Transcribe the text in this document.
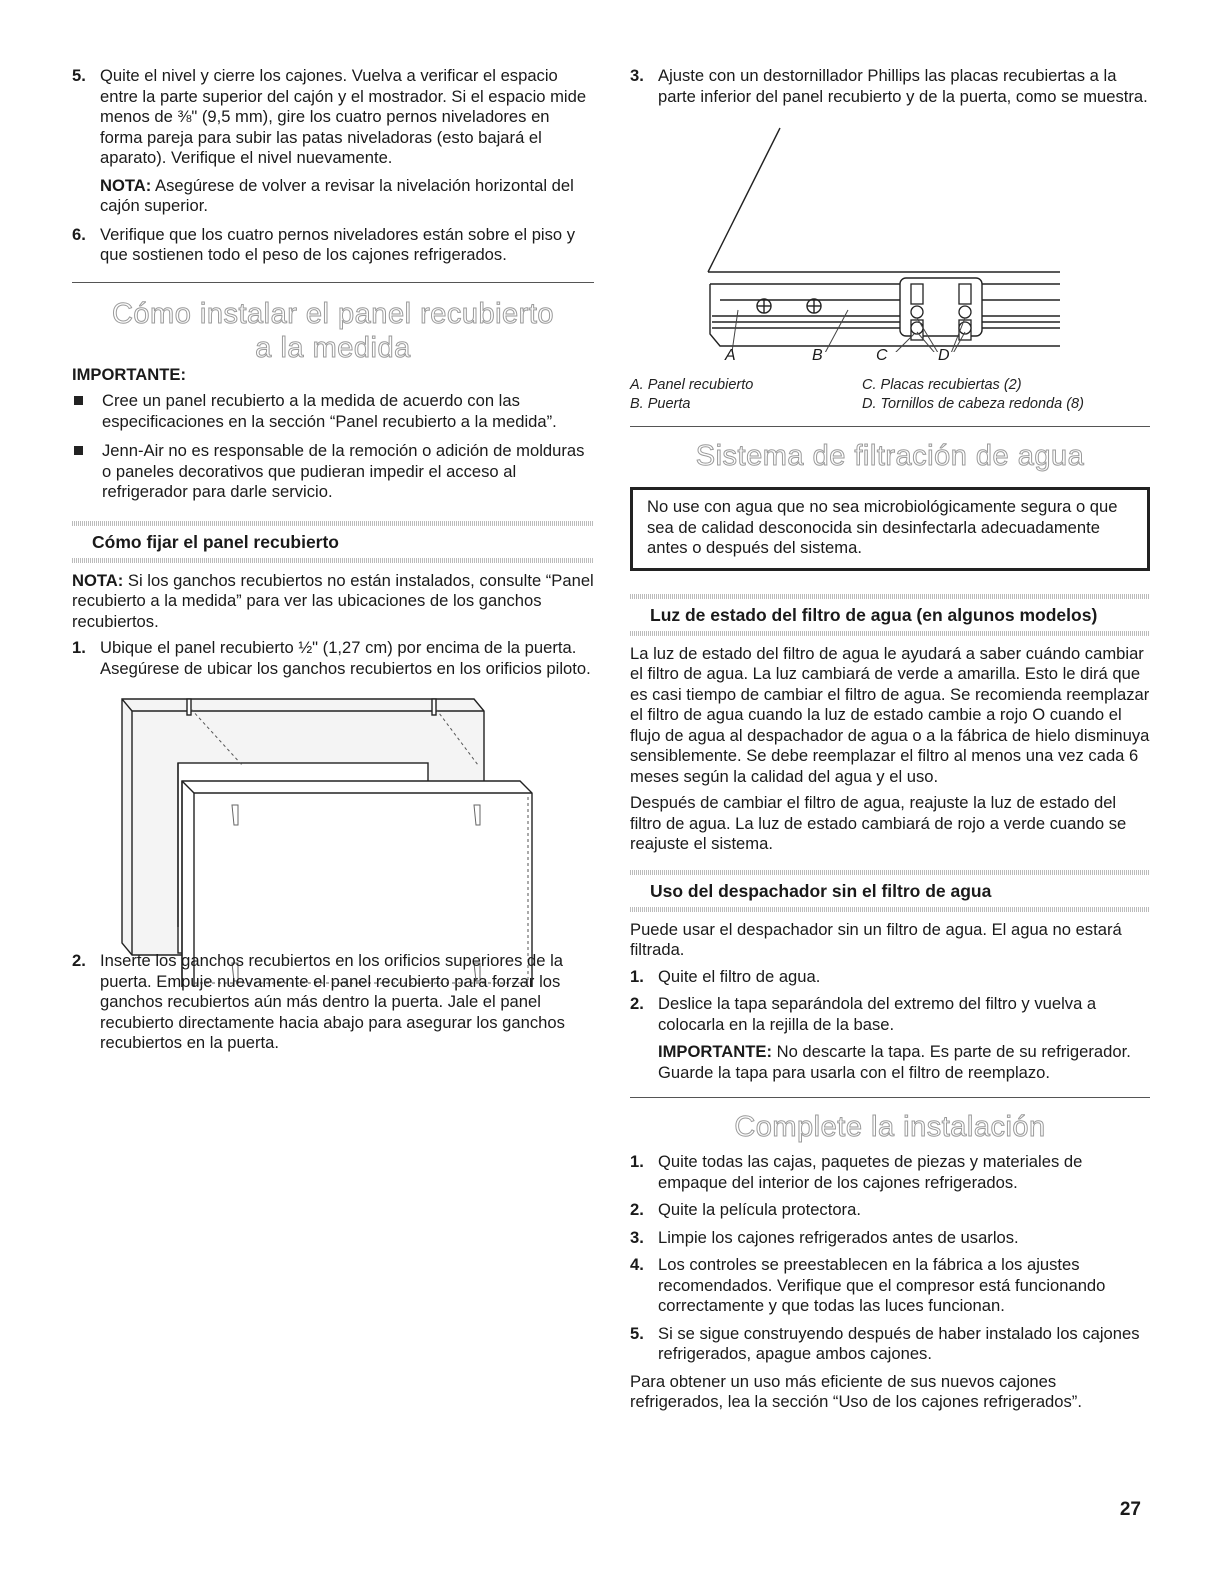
5. Quite el nivel y cierre los cajones. Vuelva a verificar el espacio entre la parte superior del cajón y el mostrador. Si el espacio mide menos de ⅜" (9,5 mm), gire los cuatro pernos niveladores en forma pareja para subir las patas niveladoras (esto bajará el aparato). Verifique el nivel nuevamente.

NOTA: Asegúrese de volver a revisar la nivelación horizontal del cajón superior.

6. Verifique que los cuatro pernos niveladores están sobre el piso y que sostienen todo el peso de los cajones refrigerados.
Cómo instalar el panel recubierto
a la medida

IMPORTANTE:

Cree un panel recubierto a la medida de acuerdo con las especificaciones en la sección “Panel recubierto a la medida”.
Jenn-Air no es responsable de la remoción o adición de molduras o paneles decorativos que pudieran impedir el acceso al refrigerador para darle servicio.
Cómo fijar el panel recubierto

NOTA: Si los ganchos recubiertos no están instalados, consulte “Panel recubierto a la medida” para ver las ubicaciones de los ganchos recubiertos.

1. Ubique el panel recubierto ½" (1,27 cm) por encima de la puerta. Asegúrese de ubicar los ganchos recubiertos en los orificios piloto.
2. Inserte los ganchos recubiertos en los orificios superiores de la puerta. Empuje nuevamente el panel recubierto para forzar los ganchos recubiertos aún más dentro la puerta. Jale el panel recubierto directamente hacia abajo para asegurar los ganchos recubiertos en la puerta.
3. Ajuste con un destornillador Phillips las placas recubiertas a la parte inferior del panel recubierto y de la puerta, como se muestra.
A	B	C	D
A. Panel recubierto
B. Puerta
C. Placas recubiertas (2)
D. Tornillos de cabeza redonda (8)
Sistema de filtración de agua
No use con agua que no sea microbiológicamente segura o que sea de calidad desconocida sin desinfectarla adecuadamente antes o después del sistema.
Luz de estado del filtro de agua (en algunos modelos)

La luz de estado del filtro de agua le ayudará a saber cuándo cambiar el filtro de agua. La luz cambiará de verde a amarilla. Esto le dirá que es casi tiempo de cambiar el filtro de agua. Se recomienda reemplazar el filtro de agua cuando la luz de estado cambie a rojo O cuando el flujo de agua al despachador de agua o a la fábrica de hielo disminuya sensiblemente. Se debe reemplazar el filtro al menos una vez cada 6 meses según la calidad del agua y el uso.

Después de cambiar el filtro de agua, reajuste la luz de estado del filtro de agua. La luz de estado cambiará de rojo a verde cuando se reajuste el sistema.

Uso del despachador sin el filtro de agua

Puede usar el despachador sin un filtro de agua. El agua no estará filtrada.

1. Quite el filtro de agua.
2. Deslice la tapa separándola del extremo del filtro y vuelva a colocarla en la rejilla de la base.

IMPORTANTE: No descarte la tapa. Es parte de su refrigerador. Guarde la tapa para usarla con el filtro de reemplazo.

Complete la instalación
1. Quite todas las cajas, paquetes de piezas y materiales de empaque del interior de los cajones refrigerados.
2. Quite la película protectora.
3. Limpie los cajones refrigerados antes de usarlos.
4. Los controles se preestablecen en la fábrica a los ajustes recomendados. Verifique que el compresor está funcionando correctamente y que todas las luces funcionan.
5. Si se sigue construyendo después de haber instalado los cajones refrigerados, apague ambos cajones.

Para obtener un uso más eficiente de sus nuevos cajones refrigerados, lea la sección “Uso de los cajones refrigerados”.

27
